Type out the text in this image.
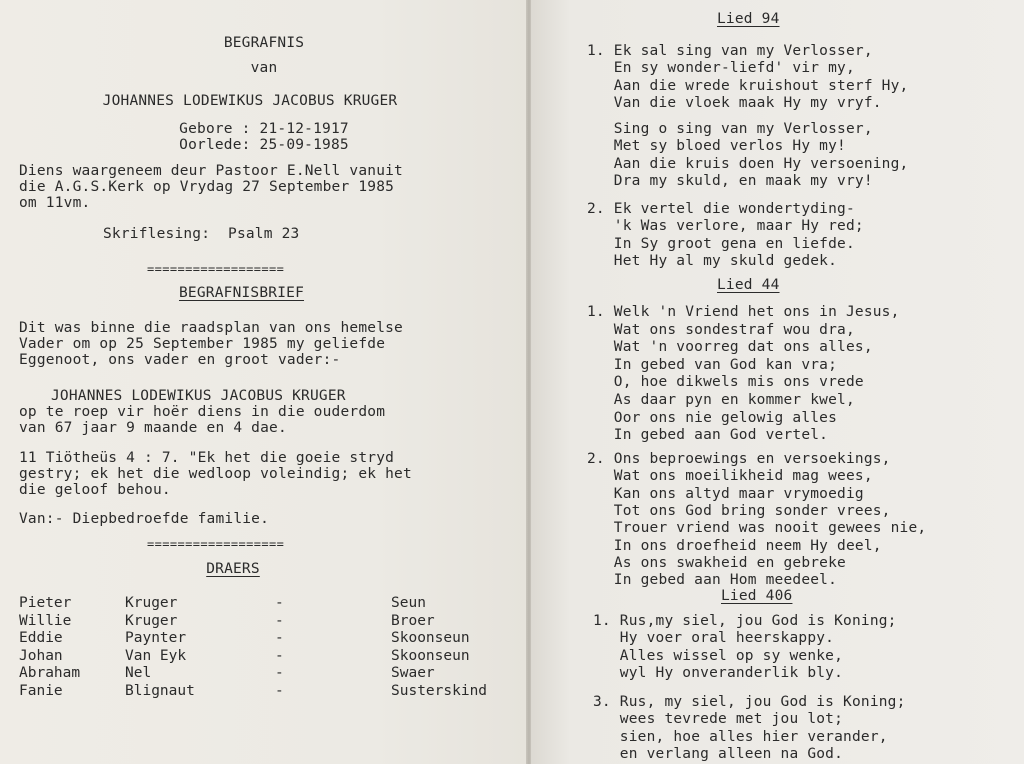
BEGRAFNIS
van
JOHANNES LODEWIKUS JACOBUS KRUGER
Gebore : 21-12-1917
Oorlede: 25-09-1985
Diens waargeneem deur Pastoor E.Nell vanuit
die A.G.S.Kerk op Vrydag 27 September 1985
om 11vm.
Skriflesing:  Psalm 23
==================
BEGRAFNISBRIEF
Dit was binne die raadsplan van ons hemelse
Vader om op 25 September 1985 my geliefde
Eggenoot, ons vader en groot vader:-
JOHANNES LODEWIKUS JACOBUS KRUGER
op te roep vir hoër diens in die ouderdom
van 67 jaar 9 maande en 4 dae.
11 Tiötheüs 4 : 7. "Ek het die goeie stryd
gestry; ek het die wedloop voleindig; ek het
die geloof behou.
Van:- Diepbedroefde familie.
==================
DRAERS
Pieter	Kruger	-	Seun
Willie	Kruger	-	Broer
Eddie	Paynter	-	Skoonseun
Johan	Van Eyk	-	Skoonseun
Abraham	Nel	-	Swaer
Fanie	Blignaut	-	Susterskind
Lied 94
1. Ek sal sing van my Verlosser,
En sy wonder-liefd' vir my,
Aan die wrede kruishout sterf Hy,
Van die vloek maak Hy my vryf.
Sing o sing van my Verlosser,
Met sy bloed verlos Hy my!
Aan die kruis doen Hy versoening,
Dra my skuld, en maak my vry!
2. Ek vertel die wondertyding-
'k Was verlore, maar Hy red;
In Sy groot gena en liefde.
Het Hy al my skuld gedek.
Lied 44
1. Welk 'n Vriend het ons in Jesus,
Wat ons sondestraf wou dra,
Wat 'n voorreg dat ons alles,
In gebed van God kan vra;
O, hoe dikwels mis ons vrede
As daar pyn en kommer kwel,
Oor ons nie gelowig alles
In gebed aan God vertel.
2. Ons beproewings en versoekings,
Wat ons moeilikheid mag wees,
Kan ons altyd maar vrymoedig
Tot ons God bring sonder vrees,
Trouer vriend was nooit gewees nie,
In ons droefheid neem Hy deel,
As ons swakheid en gebreke
In gebed aan Hom meedeel.
Lied 406
1. Rus,my siel, jou God is Koning;
Hy voer oral heerskappy.
Alles wissel op sy wenke,
wyl Hy onveranderlik bly.
3. Rus, my siel, jou God is Koning;
wees tevrede met jou lot;
sien, hoe alles hier verander,
en verlang alleen na God.
